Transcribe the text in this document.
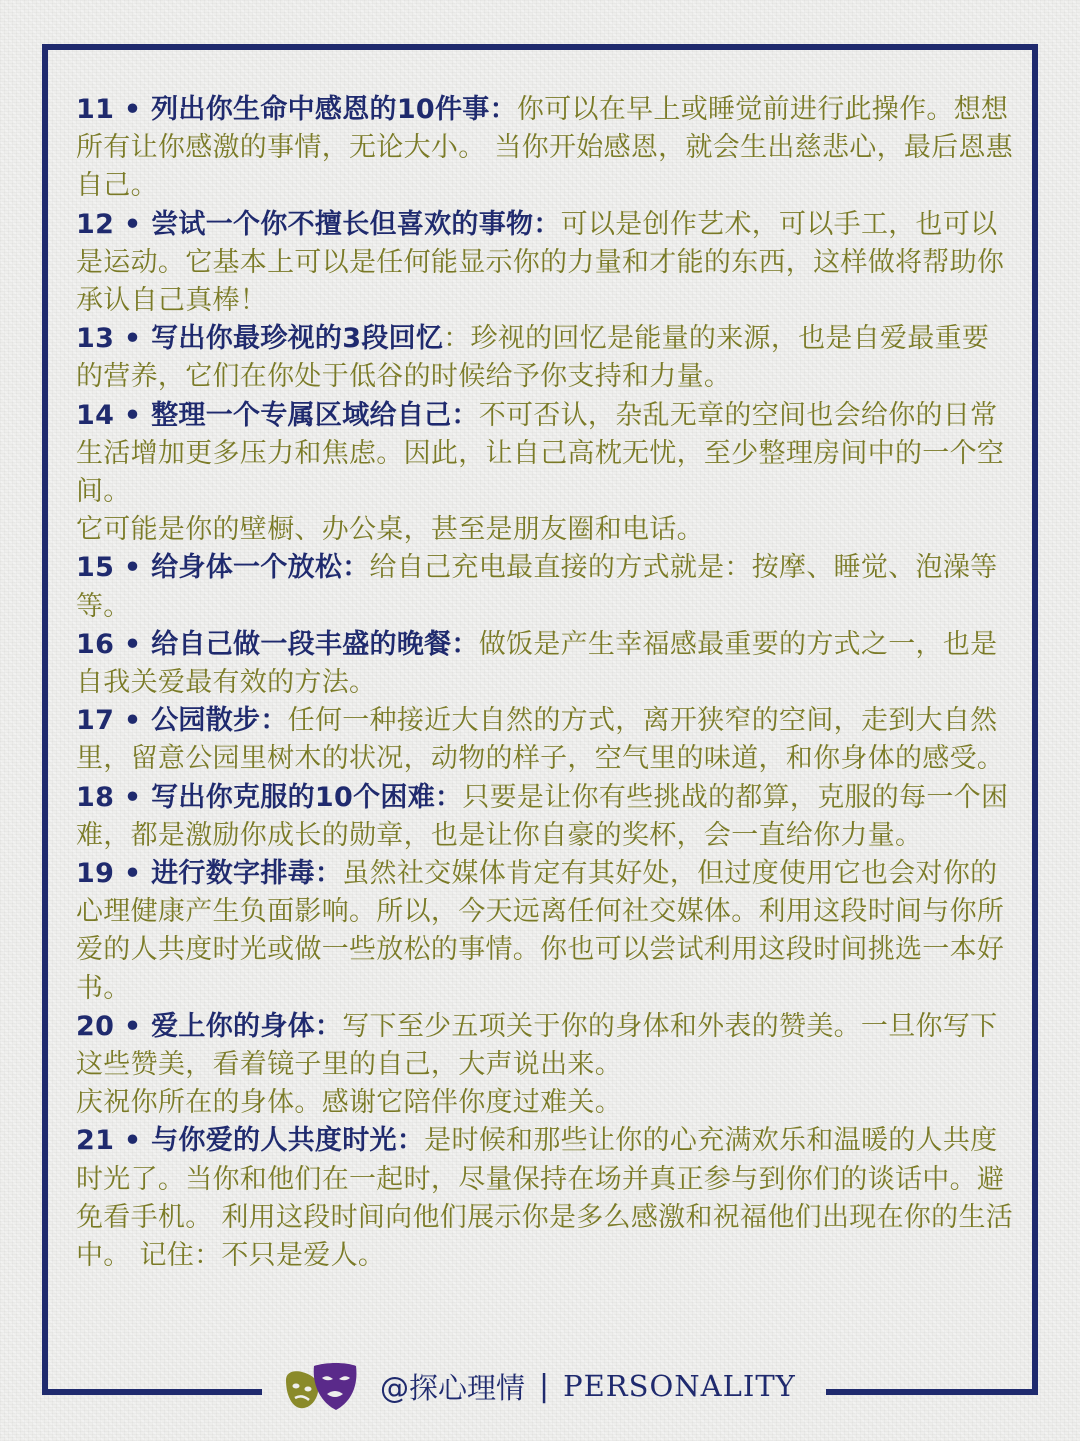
11 • 列出你生命中感恩的10件事：你可以在早上或睡觉前进行此操作。想想所有让你感激的事情，无论大小。 当你开始感恩，就会生出慈悲心，最后恩惠自己。

12 • 尝试一个你不擅长但喜欢的事物：可以是创作艺术，可以手工，也可以是运动。它基本上可以是任何能显示你的力量和才能的东西，这样做将帮助你承认自己真棒！

13 • 写出你最珍视的3段回忆：珍视的回忆是能量的来源，也是自爱最重要的营养，它们在你处于低谷的时候给予你支持和力量。

14 • 整理一个专属区域给自己：不可否认，杂乱无章的空间也会给你的日常生活增加更多压力和焦虑。因此，让自己高枕无忧，至少整理房间中的一个空间。

它可能是你的壁橱、办公桌，甚至是朋友圈和电话。

15 • 给身体一个放松：给自己充电最直接的方式就是：按摩、睡觉、泡澡等等。

16 • 给自己做一段丰盛的晚餐：做饭是产生幸福感最重要的方式之一，也是自我关爱最有效的方法。

17 • 公园散步：任何一种接近大自然的方式，离开狭窄的空间，走到大自然里，留意公园里树木的状况，动物的样子，空气里的味道，和你身体的感受。

18 • 写出你克服的10个困难：只要是让你有些挑战的都算，克服的每一个困难，都是激励你成长的勋章，也是让你自豪的奖杯，会一直给你力量。

19 • 进行数字排毒：虽然社交媒体肯定有其好处，但过度使用它也会对你的心理健康产生负面影响。所以，今天远离任何社交媒体。利用这段时间与你所爱的人共度时光或做一些放松的事情。你也可以尝试利用这段时间挑选一本好书。

20 • 爱上你的身体：写下至少五项关于你的身体和外表的赞美。一旦你写下这些赞美，看着镜子里的自己，大声说出来。

庆祝你所在的身体。感谢它陪伴你度过难关。

21 • 与你爱的人共度时光：是时候和那些让你的心充满欢乐和温暖的人共度时光了。当你和他们在一起时，尽量保持在场并真正参与到你们的谈话中。避免看手机。 利用这段时间向他们展示你是多么感激和祝福他们出现在你的生活中。 记住：不只是爱人。

@探心理情 | PERSONALITY
